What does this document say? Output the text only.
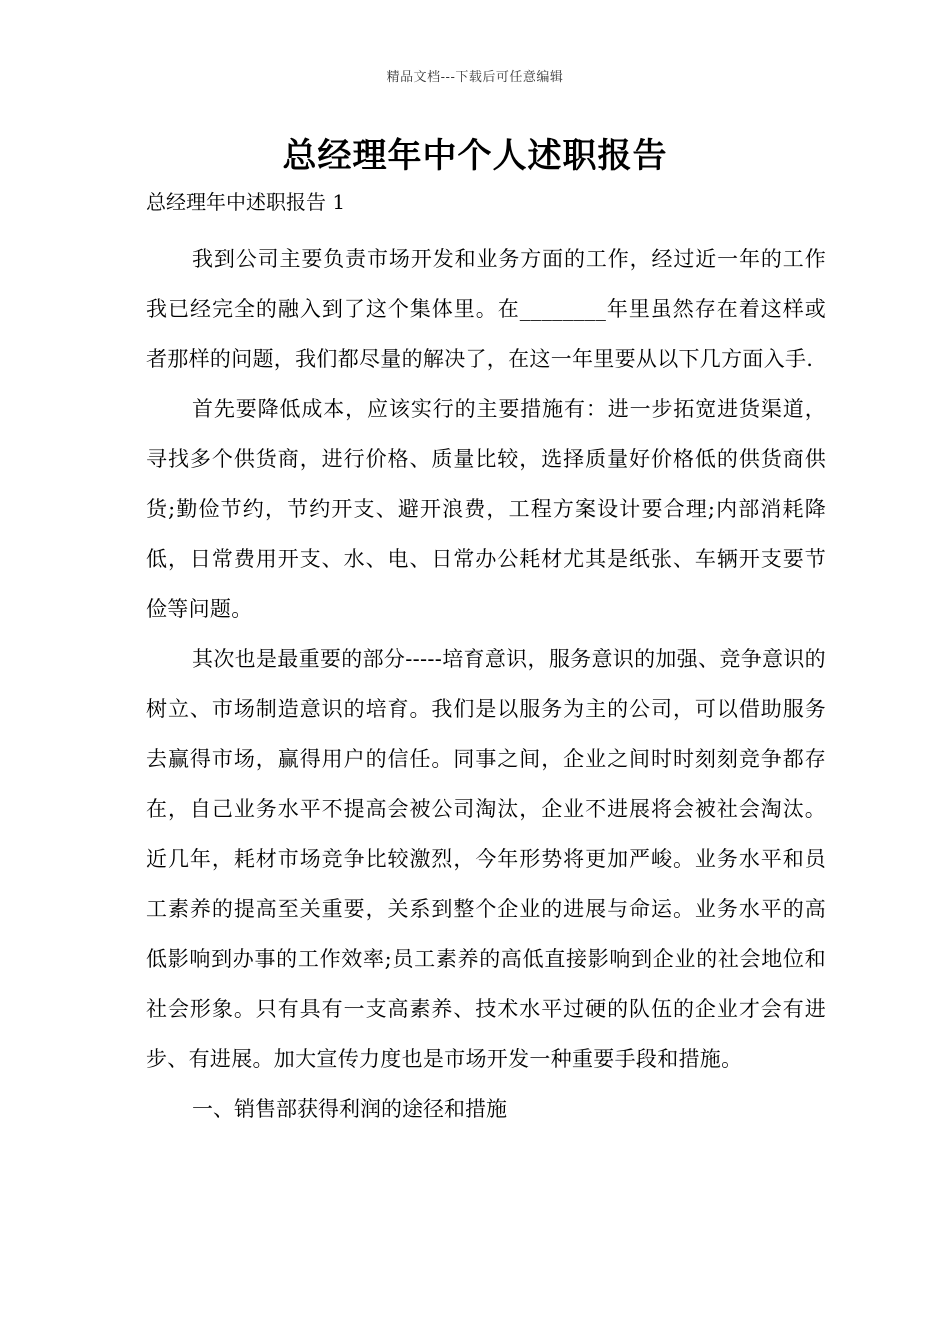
精品文档---下载后可任意编辑
总经理年中个人述职报告

总经理年中述职报告 1

我到公司主要负责市场开发和业务方面的工作，经过近一年的工作我已经完全的融入到了这个集体里。在________年里虽然存在着这样或者那样的问题，我们都尽量的解决了，在这一年里要从以下几方面入手.

首先要降低成本，应该实行的主要措施有：进一步拓宽进货渠道，寻找多个供货商，进行价格、质量比较，选择质量好价格低的供货商供货;勤俭节约，节约开支、避开浪费，工程方案设计要合理;内部消耗降低，日常费用开支、水、电、日常办公耗材尤其是纸张、车辆开支要节俭等问题。

其次也是最重要的部分-----培育意识，服务意识的加强、竞争意识的树立、市场制造意识的培育。我们是以服务为主的公司，可以借助服务去赢得市场，赢得用户的信任。同事之间，企业之间时时刻刻竞争都存在，自己业务水平不提高会被公司淘汰，企业不进展将会被社会淘汰。近几年，耗材市场竞争比较激烈，今年形势将更加严峻。业务水平和员工素养的提高至关重要，关系到整个企业的进展与命运。业务水平的高低影响到办事的工作效率;员工素养的高低直接影响到企业的社会地位和社会形象。只有具有一支高素养、技术水平过硬的队伍的企业才会有进步、有进展。加大宣传力度也是市场开发一种重要手段和措施。

一、销售部获得利润的途径和措施
